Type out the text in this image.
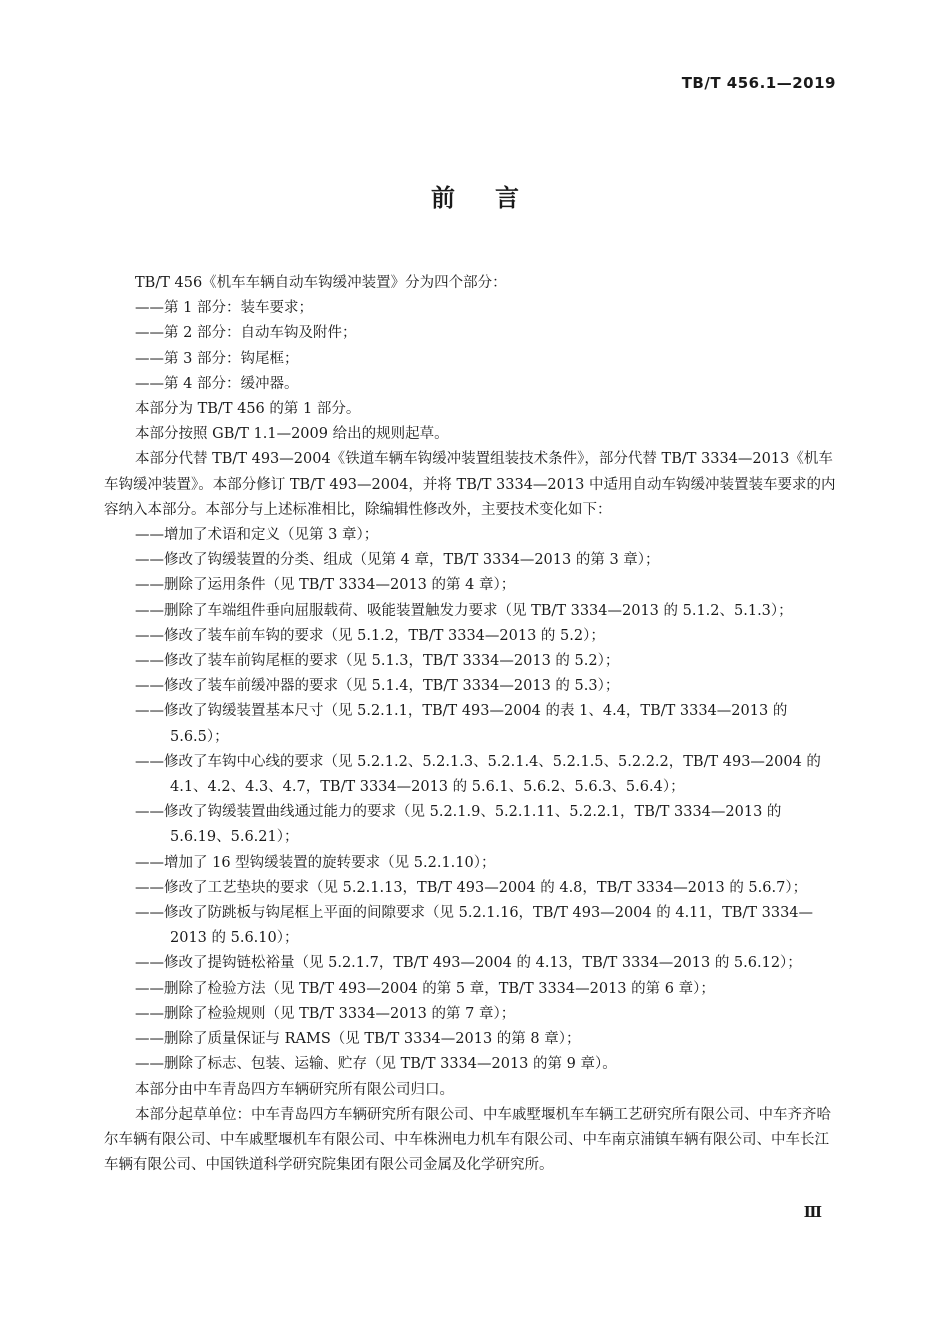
TB/T 456.1—2019
前言

TB/T 456《机车车辆自动车钩缓冲装置》分为四个部分：

——第 1 部分：装车要求；

——第 2 部分：自动车钩及附件；

——第 3 部分：钩尾框；

——第 4 部分：缓冲器。

本部分为 TB/T 456 的第 1 部分。

本部分按照 GB/T 1.1—2009 给出的规则起草。

本部分代替 TB/T 493—2004《铁道车辆车钩缓冲装置组装技术条件》，部分代替 TB/T 3334—2013《机车车钩缓冲装置》。本部分修订 TB/T 493—2004，并将 TB/T 3334—2013 中适用自动车钩缓冲装置装车要求的内容纳入本部分。本部分与上述标准相比，除编辑性修改外，主要技术变化如下：

——增加了术语和定义（见第 3 章）；

——修改了钩缓装置的分类、组成（见第 4 章，TB/T 3334—2013 的第 3 章）；

——删除了运用条件（见 TB/T 3334—2013 的第 4 章）；

——删除了车端组件垂向屈服载荷、吸能装置触发力要求（见 TB/T 3334—2013 的 5.1.2、5.1.3）；

——修改了装车前车钩的要求（见 5.1.2，TB/T 3334—2013 的 5.2）；

——修改了装车前钩尾框的要求（见 5.1.3，TB/T 3334—2013 的 5.2）；

——修改了装车前缓冲器的要求（见 5.1.4，TB/T 3334—2013 的 5.3）；

——修改了钩缓装置基本尺寸（见 5.2.1.1，TB/T 493—2004 的表 1、4.4，TB/T 3334—2013 的 5.6.5）；

——修改了车钩中心线的要求（见 5.2.1.2、5.2.1.3、5.2.1.4、5.2.1.5、5.2.2.2，TB/T 493—2004 的 4.1、4.2、4.3、4.7，TB/T 3334—2013 的 5.6.1、5.6.2、5.6.3、5.6.4）；

——修改了钩缓装置曲线通过能力的要求（见 5.2.1.9、5.2.1.11、5.2.2.1，TB/T 3334—2013 的 5.6.19、5.6.21）；

——增加了 16 型钩缓装置的旋转要求（见 5.2.1.10）；

——修改了工艺垫块的要求（见 5.2.1.13，TB/T 493—2004 的 4.8，TB/T 3334—2013 的 5.6.7）；

——修改了防跳板与钩尾框上平面的间隙要求（见 5.2.1.16，TB/T 493—2004 的 4.11，TB/T 3334—2013 的 5.6.10）；

——修改了提钩链松裕量（见 5.2.1.7，TB/T 493—2004 的 4.13，TB/T 3334—2013 的 5.6.12）；

——删除了检验方法（见 TB/T 493—2004 的第 5 章，TB/T 3334—2013 的第 6 章）；

——删除了检验规则（见 TB/T 3334—2013 的第 7 章）；

——删除了质量保证与 RAMS（见 TB/T 3334—2013 的第 8 章）；

——删除了标志、包装、运输、贮存（见 TB/T 3334—2013 的第 9 章）。

本部分由中车青岛四方车辆研究所有限公司归口。

本部分起草单位：中车青岛四方车辆研究所有限公司、中车戚墅堰机车车辆工艺研究所有限公司、中车齐齐哈尔车辆有限公司、中车戚墅堰机车有限公司、中车株洲电力机车有限公司、中车南京浦镇车辆有限公司、中车长江车辆有限公司、中国铁道科学研究院集团有限公司金属及化学研究所。

Ⅲ
